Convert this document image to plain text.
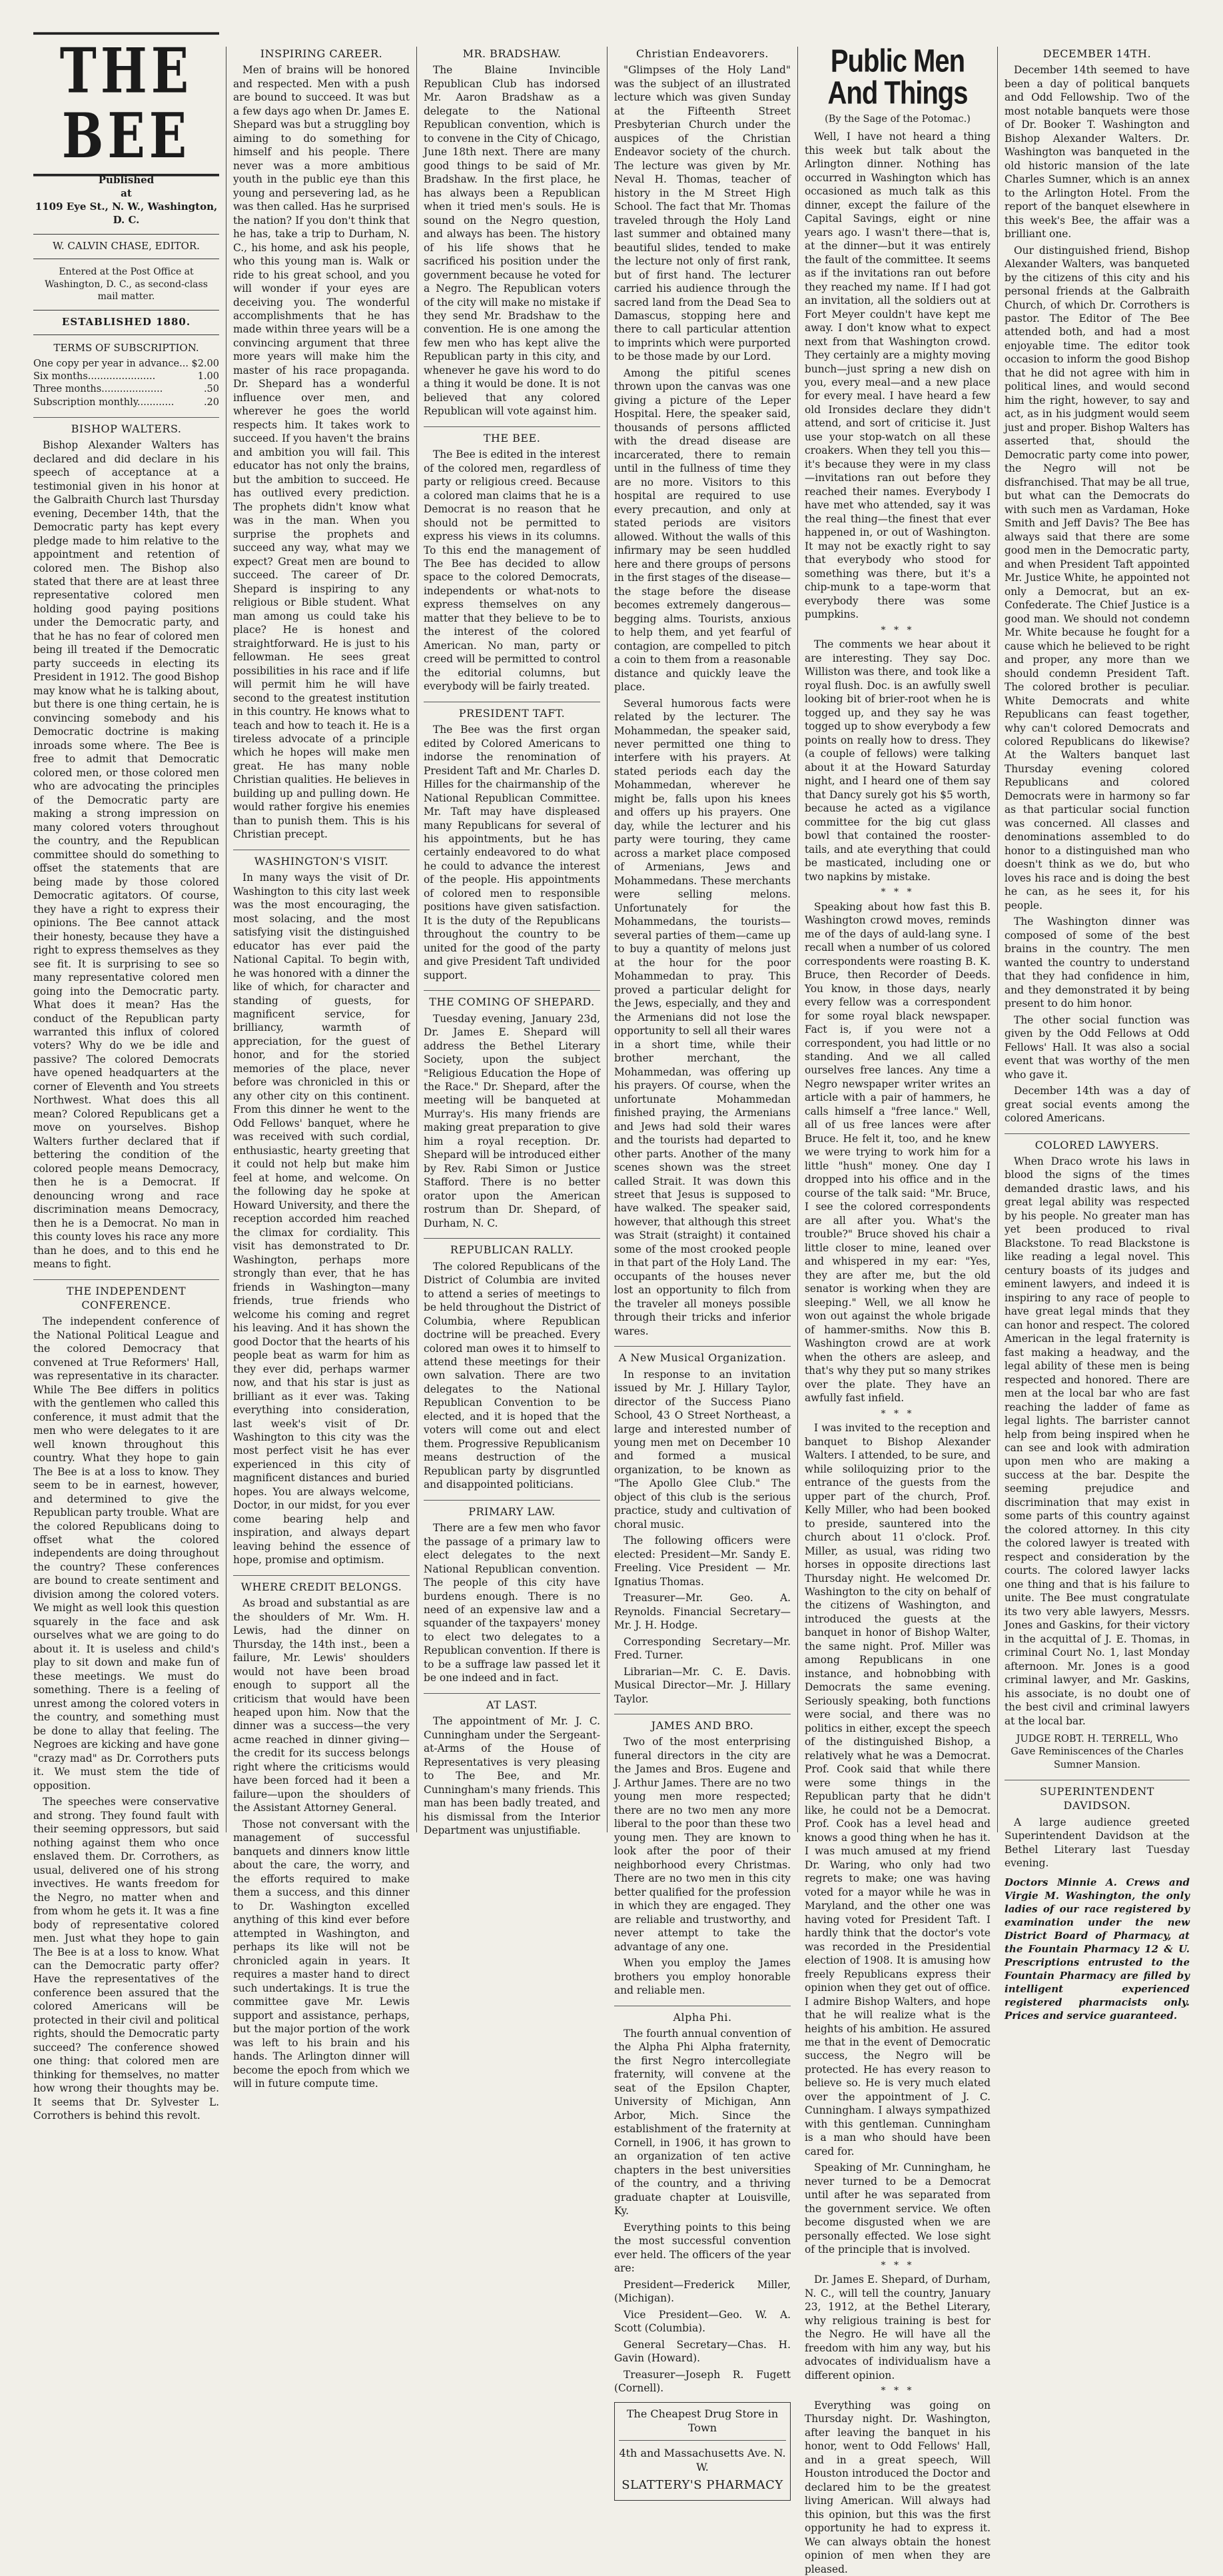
THE BEE
Published
at
1109 Eye St., N. W., Washington, D. C.
W. CALVIN CHASE, EDITOR.
Entered at the Post Office at Washington, D. C., as second-class mail matter.
ESTABLISHED 1880.
TERMS OF SUBSCRIPTION.
One copy per year in advance... $2.00
Six months......................	1.00
Three months....................	.50
Subscription monthly............	.20
BISHOP WALTERS.

Bishop Alexander Walters has declared and did declare in his speech of acceptance at a testimonial given in his honor at the Galbraith Church last Thursday evening, December 14th, that the Democratic party has kept every pledge made to him relative to the appointment and retention of colored men. The Bishop also stated that there are at least three representative colored men holding good paying positions under the Democratic party, and that he has no fear of colored men being ill treated if the Democratic party succeeds in electing its President in 1912. The good Bishop may know what he is talking about, but there is one thing certain, he is convincing somebody and his Democratic doctrine is making inroads some where. The Bee is free to admit that Democratic colored men, or those colored men who are advocating the principles of the Democratic party are making a strong impression on many colored voters throughout the country, and the Republican committee should do something to offset the statements that are being made by those colored Democratic agitators. Of course, they have a right to express their opinions. The Bee cannot attack their honesty, because they have a right to express themselves as they see fit. It is surprising to see so many representative colored men going into the Democratic party. What does it mean? Has the conduct of the Republican party warranted this influx of colored voters? Why do we be idle and passive? The colored Democrats have opened headquarters at the corner of Eleventh and You streets Northwest. What does this all mean? Colored Republicans get a move on yourselves. Bishop Walters further declared that if bettering the condition of the colored people means Democracy, then he is a Democrat. If denouncing wrong and race discrimination means Democracy, then he is a Democrat. No man in this county loves his race any more than he does, and to this end he means to fight.

THE INDEPENDENT CONFERENCE.

The independent conference of the National Political League and the colored Democracy that convened at True Reformers' Hall, was representative in its character. While The Bee differs in politics with the gentlemen who called this conference, it must admit that the men who were delegates to it are well known throughout this country. What they hope to gain The Bee is at a loss to know. They seem to be in earnest, however, and determined to give the Republican party trouble. What are the colored Republicans doing to offset what the colored independents are doing throughout the country? These conferences are bound to create sentiment and division among the colored voters. We might as well look this question squarely in the face and ask ourselves what we are going to do about it. It is useless and child's play to sit down and make fun of these meetings. We must do something. There is a feeling of unrest among the colored voters in the country, and something must be done to allay that feeling. The Negroes are kicking and have gone "crazy mad" as Dr. Corrothers puts it. We must stem the tide of opposition.

The speeches were conservative and strong. They found fault with their seeming oppressors, but said nothing against them who once enslaved them. Dr. Corrothers, as usual, delivered one of his strong invectives. He wants freedom for the Negro, no matter when and from whom he gets it. It was a fine body of representative colored men. Just what they hope to gain The Bee is at a loss to know. What can the Democratic party offer? Have the representatives of the conference been assured that the colored Americans will be protected in their civil and political rights, should the Democratic party succeed? The conference showed one thing: that colored men are thinking for themselves, no matter how wrong their thoughts may be. It seems that Dr. Sylvester L. Corrothers is behind this revolt.

INSPIRING CAREER.

Men of brains will be honored and respected. Men with a push are bound to succeed. It was but a few days ago when Dr. James E. Shepard was but a struggling boy aiming to do something for himself and his people. There never was a more ambitious youth in the public eye than this young and persevering lad, as he was then called. Has he surprised the nation? If you don't think that he has, take a trip to Durham, N. C., his home, and ask his people, who this young man is. Walk or ride to his great school, and you will wonder if your eyes are deceiving you. The wonderful accomplishments that he has made within three years will be a convincing argument that three more years will make him the master of his race propaganda. Dr. Shepard has a wonderful influence over men, and wherever he goes the world respects him. It takes work to succeed. If you haven't the brains and ambition you will fail. This educator has not only the brains, but the ambition to succeed. He has outlived every prediction. The prophets didn't know what was in the man. When you surprise the prophets and succeed any way, what may we expect? Great men are bound to succeed. The career of Dr. Shepard is inspiring to any religious or Bible student. What man among us could take his place? He is honest and straightforward. He is just to his fellowman. He sees great possibilities in his race and if life will permit him he will have second to the greatest institution in this country. He knows what to teach and how to teach it. He is a tireless advocate of a principle which he hopes will make men great. He has many noble Christian qualities. He believes in building up and pulling down. He would rather forgive his enemies than to punish them. This is his Christian precept.

WASHINGTON'S VISIT.

In many ways the visit of Dr. Washington to this city last week was the most encouraging, the most solacing, and the most satisfying visit the distinguished educator has ever paid the National Capital. To begin with, he was honored with a dinner the like of which, for character and standing of guests, for magnificent service, for brilliancy, warmth of appreciation, for the guest of honor, and for the storied memories of the place, never before was chronicled in this or any other city on this continent. From this dinner he went to the Odd Fellows' banquet, where he was received with such cordial, enthusiastic, hearty greeting that it could not help but make him feel at home, and welcome. On the following day he spoke at Howard University, and there the reception accorded him reached the climax for cordiality. This visit has demonstrated to Dr. Washington, perhaps more strongly than ever, that he has friends in Washington—many friends, true friends who welcome his coming and regret his leaving. And it has shown the good Doctor that the hearts of his people beat as warm for him as they ever did, perhaps warmer now, and that his star is just as brilliant as it ever was. Taking everything into consideration, last week's visit of Dr. Washington to this city was the most perfect visit he has ever experienced in this city of magnificent distances and buried hopes. You are always welcome, Doctor, in our midst, for you ever come bearing help and inspiration, and always depart leaving behind the essence of hope, promise and optimism.

WHERE CREDIT BELONGS.

As broad and substantial as are the shoulders of Mr. Wm. H. Lewis, had the dinner on Thursday, the 14th inst., been a failure, Mr. Lewis' shoulders would not have been broad enough to support all the criticism that would have been heaped upon him. Now that the dinner was a success—the very acme reached in dinner giving—the credit for its success belongs right where the criticisms would have been forced had it been a failure—upon the shoulders of the Assistant Attorney General.

Those not conversant with the management of successful banquets and dinners know little about the care, the worry, and the efforts required to make them a success, and this dinner to Dr. Washington excelled anything of this kind ever before attempted in Washington, and perhaps its like will not be chronicled again in years. It requires a master hand to direct such undertakings. It is true the committee gave Mr. Lewis support and assistance, perhaps, but the major portion of the work was left to his brain and his hands. The Arlington dinner will become the epoch from which we will in future compute time.

MR. BRADSHAW.

The Blaine Invincible Republican Club has indorsed Mr. Aaron Bradshaw as a delegate to the National Republican convention, which is to convene in the City of Chicago, June 18th next. There are many good things to be said of Mr. Bradshaw. In the first place, he has always been a Republican when it tried men's souls. He is sound on the Negro question, and always has been. The history of his life shows that he sacrificed his position under the government because he voted for a Negro. The Republican voters of the city will make no mistake if they send Mr. Bradshaw to the convention. He is one among the few men who has kept alive the Republican party in this city, and whenever he gave his word to do a thing it would be done. It is not believed that any colored Republican will vote against him.

THE BEE.

The Bee is edited in the interest of the colored men, regardless of party or religious creed. Because a colored man claims that he is a Democrat is no reason that he should not be permitted to express his views in its columns. To this end the management of The Bee has decided to allow space to the colored Democrats, independents or what-nots to express themselves on any matter that they believe to be to the interest of the colored American. No man, party or creed will be permitted to control the editorial columns, but everybody will be fairly treated.

PRESIDENT TAFT.

The Bee was the first organ edited by Colored Americans to indorse the renomination of President Taft and Mr. Charles D. Hilles for the chairmanship of the National Republican Committee. Mr. Taft may have displeased many Republicans for several of his appointments, but he has certainly endeavored to do what he could to advance the interest of the people. His appointments of colored men to responsible positions have given satisfaction. It is the duty of the Republicans throughout the country to be united for the good of the party and give President Taft undivided support.

THE COMING OF SHEPARD.

Tuesday evening, January 23d, Dr. James E. Shepard will address the Bethel Literary Society, upon the subject "Religious Education the Hope of the Race." Dr. Shepard, after the meeting will be banqueted at Murray's. His many friends are making great preparation to give him a royal reception. Dr. Shepard will be introduced either by Rev. Rabi Simon or Justice Stafford. There is no better orator upon the American rostrum than Dr. Shepard, of Durham, N. C.

REPUBLICAN RALLY.

The colored Republicans of the District of Columbia are invited to attend a series of meetings to be held throughout the District of Columbia, where Republican doctrine will be preached. Every colored man owes it to himself to attend these meetings for their own salvation. There are two delegates to the National Republican Convention to be elected, and it is hoped that the voters will come out and elect them. Progressive Republicanism means destruction of the Republican party by disgruntled and disappointed politicians.

PRIMARY LAW.

There are a few men who favor the passage of a primary law to elect delegates to the next National Republican convention. The people of this city have burdens enough. There is no need of an expensive law and a squander of the taxpayers' money to elect two delegates to a Republican convention. If there is to be a suffrage law passed let it be one indeed and in fact.

AT LAST.

The appointment of Mr. J. C. Cunningham under the Sergeant-at-Arms of the House of Representatives is very pleasing to The Bee, and Mr. Cunningham's many friends. This man has been badly treated, and his dismissal from the Interior Department was unjustifiable.

Christian Endeavorers.

"Glimpses of the Holy Land" was the subject of an illustrated lecture which was given Sunday at the Fifteenth Street Presbyterian Church under the auspices of the Christian Endeavor society of the church. The lecture was given by Mr. Neval H. Thomas, teacher of history in the M Street High School. The fact that Mr. Thomas traveled through the Holy Land last summer and obtained many beautiful slides, tended to make the lecture not only of first rank, but of first hand. The lecturer carried his audience through the sacred land from the Dead Sea to Damascus, stopping here and there to call particular attention to imprints which were purported to be those made by our Lord.

Among the pitiful scenes thrown upon the canvas was one giving a picture of the Leper Hospital. Here, the speaker said, thousands of persons afflicted with the dread disease are incarcerated, there to remain until in the fullness of time they are no more. Visitors to this hospital are required to use every precaution, and only at stated periods are visitors allowed. Without the walls of this infirmary may be seen huddled here and there groups of persons in the first stages of the disease—the stage before the disease becomes extremely dangerous—begging alms. Tourists, anxious to help them, and yet fearful of contagion, are compelled to pitch a coin to them from a reasonable distance and quickly leave the place.

Several humorous facts were related by the lecturer. The Mohammedan, the speaker said, never permitted one thing to interfere with his prayers. At stated periods each day the Mohammedan, wherever he might be, falls upon his knees and offers up his prayers. One day, while the lecturer and his party were touring, they came across a market place composed of Armenians, Jews and Mohammedans. These merchants were selling melons. Unfortunately for the Mohammedans, the tourists—several parties of them—came up to buy a quantity of melons just at the hour for the poor Mohammedan to pray. This proved a particular delight for the Jews, especially, and they and the Armenians did not lose the opportunity to sell all their wares in a short time, while their brother merchant, the Mohammedan, was offering up his prayers. Of course, when the unfortunate Mohammedan finished praying, the Armenians and Jews had sold their wares and the tourists had departed to other parts. Another of the many scenes shown was the street called Strait. It was down this street that Jesus is supposed to have walked. The speaker said, however, that although this street was Strait (straight) it contained some of the most crooked people in that part of the Holy Land. The occupants of the houses never lost an opportunity to filch from the traveler all moneys possible through their tricks and inferior wares.

A New Musical Organization.

In response to an invitation issued by Mr. J. Hillary Taylor, director of the Success Piano School, 43 O Street Northeast, a large and interested number of young men met on December 10 and formed a musical organization, to be known as "The Apollo Glee Club." The object of this club is the serious practice, study and cultivation of choral music.

The following officers were elected: President—Mr. Sandy E. Freeling. Vice President — Mr. Ignatius Thomas.

Treasurer—Mr. Geo. A. Reynolds. Financial Secretary—Mr. J. H. Hodge.

Corresponding Secretary—Mr. Fred. Turner.

Librarian—Mr. C. E. Davis. Musical Director—Mr. J. Hillary Taylor.

JAMES AND BRO.

Two of the most enterprising funeral directors in the city are the James and Bros. Eugene and J. Arthur James. There are no two young men more respected; there are no two men any more liberal to the poor than these two young men. They are known to look after the poor of their neighborhood every Christmas. There are no two men in this city better qualified for the profession in which they are engaged. They are reliable and trustworthy, and never attempt to take the advantage of any one.

When you employ the James brothers you employ honorable and reliable men.

Alpha Phi.

The fourth annual convention of the Alpha Phi Alpha fraternity, the first Negro intercollegiate fraternity, will convene at the seat of the Epsilon Chapter, University of Michigan, Ann Arbor, Mich. Since the establishment of the fraternity at Cornell, in 1906, it has grown to an organization of ten active chapters in the best universities of the country, and a thriving graduate chapter at Louisville, Ky.

Everything points to this being the most successful convention ever held. The officers of the year are:

President—Frederick Miller, (Michigan).

Vice President—Geo. W. A. Scott (Columbia).

General Secretary—Chas. H. Gavin (Howard).

Treasurer—Joseph R. Fugett (Cornell).

The Cheapest Drug Store in Town
4th and Massachusetts Ave. N. W.
SLATTERY'S PHARMACY
Public Men And Things
(By the Sage of the Potomac.)

Well, I have not heard a thing this week but talk about the Arlington dinner. Nothing has occurred in Washington which has occasioned as much talk as this dinner, except the failure of the Capital Savings, eight or nine years ago. I wasn't there—that is, at the dinner—but it was entirely the fault of the committee. It seems as if the invitations ran out before they reached my name. If I had got an invitation, all the soldiers out at Fort Meyer couldn't have kept me away. I don't know what to expect next from that Washington crowd. They certainly are a mighty moving bunch—just spring a new dish on you, every meal—and a new place for every meal. I have heard a few old Ironsides declare they didn't attend, and sort of criticise it. Just use your stop-watch on all these croakers. When they tell you this—it's because they were in my class—invitations ran out before they reached their names. Everybody I have met who attended, say it was the real thing—the finest that ever happened in, or out of Washington. It may not be exactly right to say that everybody who stood for something was there, but it's a chip-munk to a tape-worm that everybody there was some pumpkins.

* * *

The comments we hear about it are interesting. They say Doc. Williston was there, and took like a royal flush. Doc. is an awfully swell looking bit of brier-root when he is togged up, and they say he was togged up to show everybody a few points on really how to dress. They (a couple of fellows) were talking about it at the Howard Saturday night, and I heard one of them say that Dancy surely got his $5 worth, because he acted as a vigilance committee for the big cut glass bowl that contained the rooster-tails, and ate everything that could be masticated, including one or two napkins by mistake.

* * *

Speaking about how fast this B. Washington crowd moves, reminds me of the days of auld-lang syne. I recall when a number of us colored correspondents were roasting B. K. Bruce, then Recorder of Deeds. You know, in those days, nearly every fellow was a correspondent for some royal black newspaper. Fact is, if you were not a correspondent, you had little or no standing. And we all called ourselves free lances. Any time a Negro newspaper writer writes an article with a pair of hammers, he calls himself a "free lance." Well, all of us free lances were after Bruce. He felt it, too, and he knew we were trying to work him for a little "hush" money. One day I dropped into his office and in the course of the talk said: "Mr. Bruce, I see the colored correspondents are all after you. What's the trouble?" Bruce shoved his chair a little closer to mine, leaned over and whispered in my ear: "Yes, they are after me, but the old senator is working when they are sleeping." Well, we all know he won out against the whole brigade of hammer-smiths. Now this B. Washington crowd are at work when the others are asleep, and that's why they put so many strikes over the plate. They have an awfully fast infield.

* * *

I was invited to the reception and banquet to Bishop Alexander Walters. I attended, to be sure, and while soliloquizing prior to the entrance of the guests from the upper part of the church, Prof. Kelly Miller, who had been booked to preside, sauntered into the church about 11 o'clock. Prof. Miller, as usual, was riding two horses in opposite directions last Thursday night. He welcomed Dr. Washington to the city on behalf of the citizens of Washington, and introduced the guests at the banquet in honor of Bishop Walter, the same night. Prof. Miller was among Republicans in one instance, and hobnobbing with Democrats the same evening. Seriously speaking, both functions were social, and there was no politics in either, except the speech of the distinguished Bishop, a relatively what he was a Democrat. Prof. Cook said that while there were some things in the Republican party that he didn't like, he could not be a Democrat. Prof. Cook has a level head and knows a good thing when he has it. I was much amused at my friend Dr. Waring, who only had two regrets to make; one was having voted for a mayor while he was in Maryland, and the other one was having voted for President Taft. I hardly think that the doctor's vote was recorded in the Presidential election of 1908. It is amusing how freely Republicans express their opinion when they get out of office. I admire Bishop Walters, and hope that he will realize what is the heights of his ambition. He assured me that in the event of Democratic success, the Negro will be protected. He has every reason to believe so. He is very much elated over the appointment of J. C. Cunningham. I always sympathized with this gentleman. Cunningham is a man who should have been cared for.

Speaking of Mr. Cunningham, he never turned to be a Democrat until after he was separated from the government service. We often become disgusted when we are personally effected. We lose sight of the principle that is involved.

* * *

Dr. James E. Shepard, of Durham, N. C., will tell the country, January 23, 1912, at the Bethel Literary, why religious training is best for the Negro. He will have all the freedom with him any way, but his advocates of individualism have a different opinion.

* * *

Everything was going on Thursday night. Dr. Washington, after leaving the banquet in his honor, went to Odd Fellows' Hall, and in a great speech, Will Houston introduced the Doctor and declared him to be the greatest living American. Will always had this opinion, but this was the first opportunity he had to express it. We can always obtain the honest opinion of men when they are pleased.

DECEMBER 14TH.

December 14th seemed to have been a day of political banquets and Odd Fellowship. Two of the most notable banquets were those of Dr. Booker T. Washington and Bishop Alexander Walters. Dr. Washington was banqueted in the old historic mansion of the late Charles Sumner, which is an annex to the Arlington Hotel. From the report of the banquet elsewhere in this week's Bee, the affair was a brilliant one.

Our distinguished friend, Bishop Alexander Walters, was banqueted by the citizens of this city and his personal friends at the Galbraith Church, of which Dr. Corrothers is pastor. The Editor of The Bee attended both, and had a most enjoyable time. The editor took occasion to inform the good Bishop that he did not agree with him in political lines, and would second him the right, however, to say and act, as in his judgment would seem just and proper. Bishop Walters has asserted that, should the Democratic party come into power, the Negro will not be disfranchised. That may be all true, but what can the Democrats do with such men as Vardaman, Hoke Smith and Jeff Davis? The Bee has always said that there are some good men in the Democratic party, and when President Taft appointed Mr. Justice White, he appointed not only a Democrat, but an ex-Confederate. The Chief Justice is a good man. We should not condemn Mr. White because he fought for a cause which he believed to be right and proper, any more than we should condemn President Taft. The colored brother is peculiar. White Democrats and white Republicans can feast together, why can't colored Democrats and colored Republicans do likewise? At the Walters banquet last Thursday evening colored Republicans and colored Democrats were in harmony so far as that particular social function was concerned. All classes and denominations assembled to do honor to a distinguished man who doesn't think as we do, but who loves his race and is doing the best he can, as he sees it, for his people.

The Washington dinner was composed of some of the best brains in the country. The men wanted the country to understand that they had confidence in him, and they demonstrated it by being present to do him honor.

The other social function was given by the Odd Fellows at Odd Fellows' Hall. It was also a social event that was worthy of the men who gave it.

December 14th was a day of great social events among the colored Americans.

COLORED LAWYERS.

When Draco wrote his laws in blood the signs of the times demanded drastic laws, and his great legal ability was respected by his people. No greater man has yet been produced to rival Blackstone. To read Blackstone is like reading a legal novel. This century boasts of its judges and eminent lawyers, and indeed it is inspiring to any race of people to have great legal minds that they can honor and respect. The colored American in the legal fraternity is fast making a headway, and the legal ability of these men is being respected and honored. There are men at the local bar who are fast reaching the ladder of fame as legal lights. The barrister cannot help from being inspired when he can see and look with admiration upon men who are making a success at the bar. Despite the seeming prejudice and discrimination that may exist in some parts of this country against the colored attorney. In this city the colored lawyer is treated with respect and consideration by the courts. The colored lawyer lacks one thing and that is his failure to unite. The Bee must congratulate its two very able lawyers, Messrs. Jones and Gaskins, for their victory in the acquittal of J. E. Thomas, in criminal Court No. 1, last Monday afternoon. Mr. Jones is a good criminal lawyer, and Mr. Gaskins, his associate, is no doubt one of the best civil and criminal lawyers at the local bar.

JUDGE ROBT. H. TERRELL, Who Gave Reminiscences of the Charles Sumner Mansion.
SUPERINTENDENT DAVIDSON.

A large audience greeted Superintendent Davidson at the Bethel Literary last Tuesday evening.

Doctors Minnie A. Crews and Virgie M. Washington, the only ladies of our race registered by examination under the new District Board of Pharmacy, at the Fountain Pharmacy 12 & U. Prescriptions entrusted to the Fountain Pharmacy are filled by intelligent experienced registered pharmacists only. Prices and service guaranteed.
